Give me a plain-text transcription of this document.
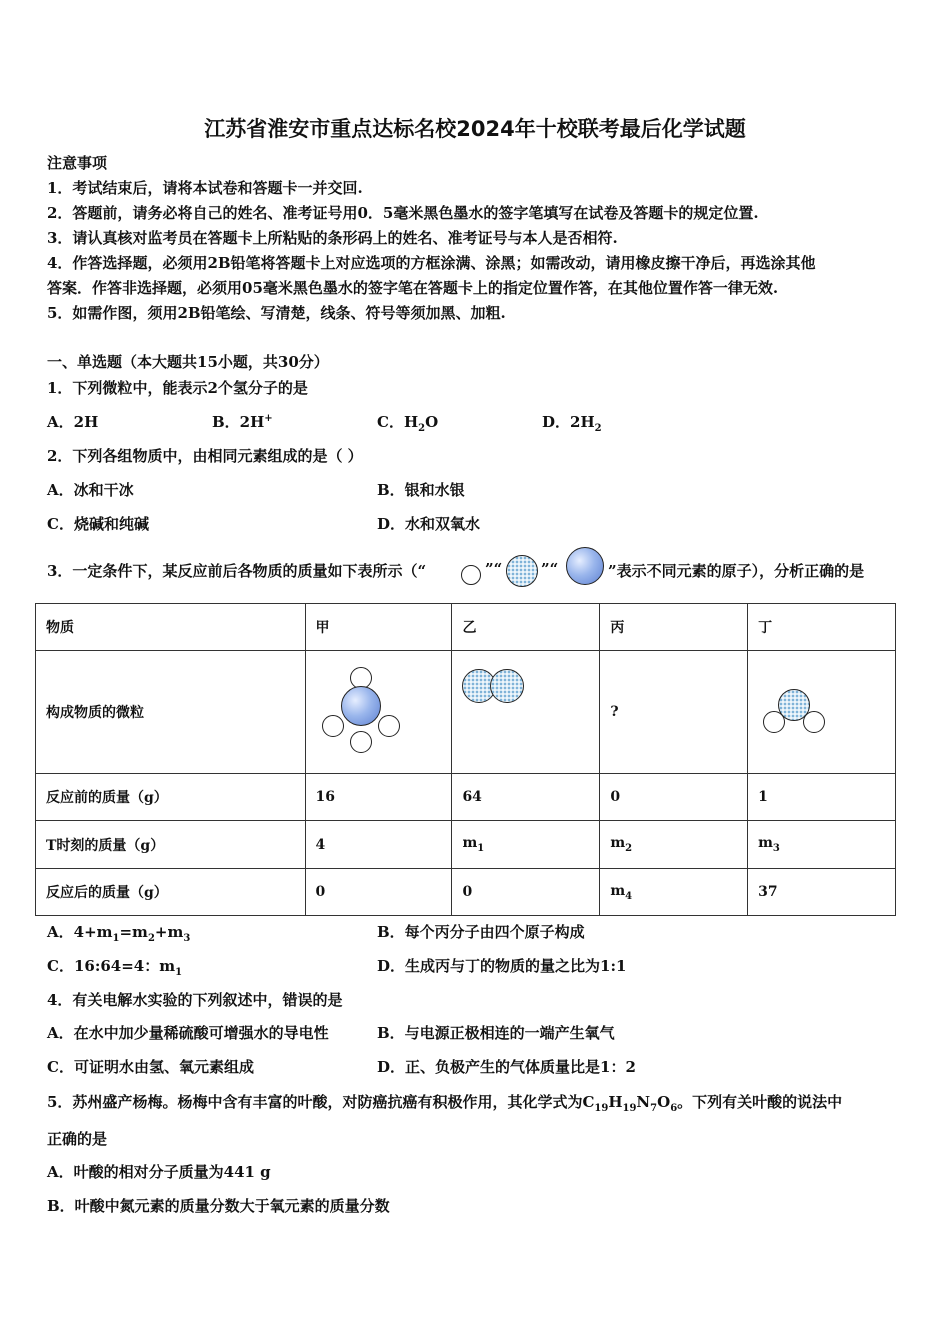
江苏省淮安市重点达标名校2024年十校联考最后化学试题
注意事项
1．考试结束后，请将本试卷和答题卡一并交回.
2．答题前，请务必将自己的姓名、准考证号用0．5毫米黑色墨水的签字笔填写在试卷及答题卡的规定位置.
3．请认真核对监考员在答题卡上所粘贴的条形码上的姓名、准考证号与本人是否相符.
4．作答选择题，必须用2B铅笔将答题卡上对应选项的方框涂满、涂黑；如需改动，请用橡皮擦干净后，再选涂其他
答案．作答非选择题，必须用05毫米黑色墨水的签字笔在答题卡上的指定位置作答，在其他位置作答一律无效.
5．如需作图，须用2B铅笔绘、写清楚，线条、符号等须加黑、加粗.
一、单选题（本大题共15小题，共30分）
1．下列微粒中，能表示2个氢分子的是
A．2H	B．2H+	C．$H_2O$	D．$2H_2$
2．下列各组物质中，由相同元素组成的是（ ）
A．冰和干冰	B．银和水银
C．烧碱和纯碱	D．水和双氧水
3．一定条件下，某反应前后各物质的质量如下表所示（“	”“	”“	”表示不同元素的原子），分析正确的是
物质	甲	乙	丙	丁
构成物质的微粒			?	

反应前的质量（g）	16	64	0	1
T时刻的质量（g）	4	$m_1$	$m_2$	$m_3$
反应后的质量（g）	0	0	$m_4$	37
A．$4+m_1=m_2+m_3$	B．每个丙分子由四个原子构成
C．16:64=4：$m_1$	D．生成丙与丁的物质的量之比为1:1
4．有关电解水实验的下列叙述中，错误的是
A．在水中加少量稀硫酸可增强水的导电性	B．与电源正极相连的一端产生氧气
C．可证明水由氢、氧元素组成	D．正、负极产生的气体质量比是1：2
5．苏州盛产杨梅。杨梅中含有丰富的叶酸，对防癌抗癌有积极作用，其化学式为$C_{19}H_{19}N_7O_6$。下列有关叶酸的说法中
正确的是
A．叶酸的相对分子质量为441 g
B．叶酸中氮元素的质量分数大于氧元素的质量分数
